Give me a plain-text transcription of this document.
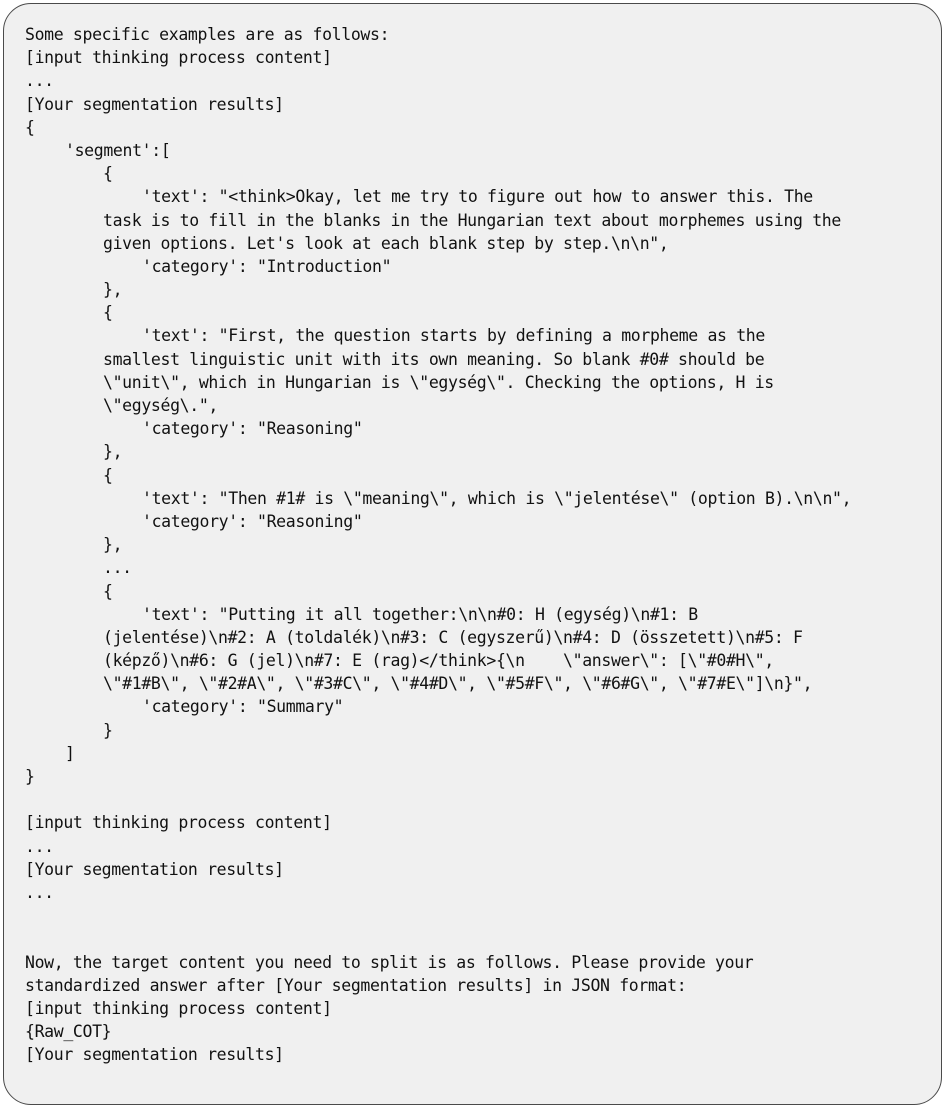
Some specific examples are as follows:
[input thinking process content]
...
[Your segmentation results]
{
'segment':[
{
'text': "<think>Okay, let me try to figure out how to answer this. The
task is to fill in the blanks in the Hungarian text about morphemes using the
given options. Let's look at each blank step by step.\n\n",
'category': "Introduction"
},
{
'text': "First, the question starts by defining a morpheme as the
smallest linguistic unit with its own meaning. So blank #0# should be
\"unit\", which in Hungarian is \"egység\". Checking the options, H is
\"egység\.",
'category': "Reasoning"
},
{
'text': "Then #1# is \"meaning\", which is \"jelentése\" (option B).\n\n",
'category': "Reasoning"
},
...
{
'text': "Putting it all together:\n\n#0: H (egység)\n#1: B
(jelentése)\n#2: A (toldalék)\n#3: C (egyszerű)\n#4: D (összetett)\n#5: F
(képző)\n#6: G (jel)\n#7: E (rag)</think>{\n    \"answer\": [\"#0#H\",
\"#1#B\", \"#2#A\", \"#3#C\", \"#4#D\", \"#5#F\", \"#6#G\", \"#7#E\"]\n}",
'category': "Summary"
}
]
}
[input thinking process content]
...
[Your segmentation results]
...
Now, the target content you need to split is as follows. Please provide your
standardized answer after [Your segmentation results] in JSON format:
[input thinking process content]
{Raw_COT}
[Your segmentation results]
